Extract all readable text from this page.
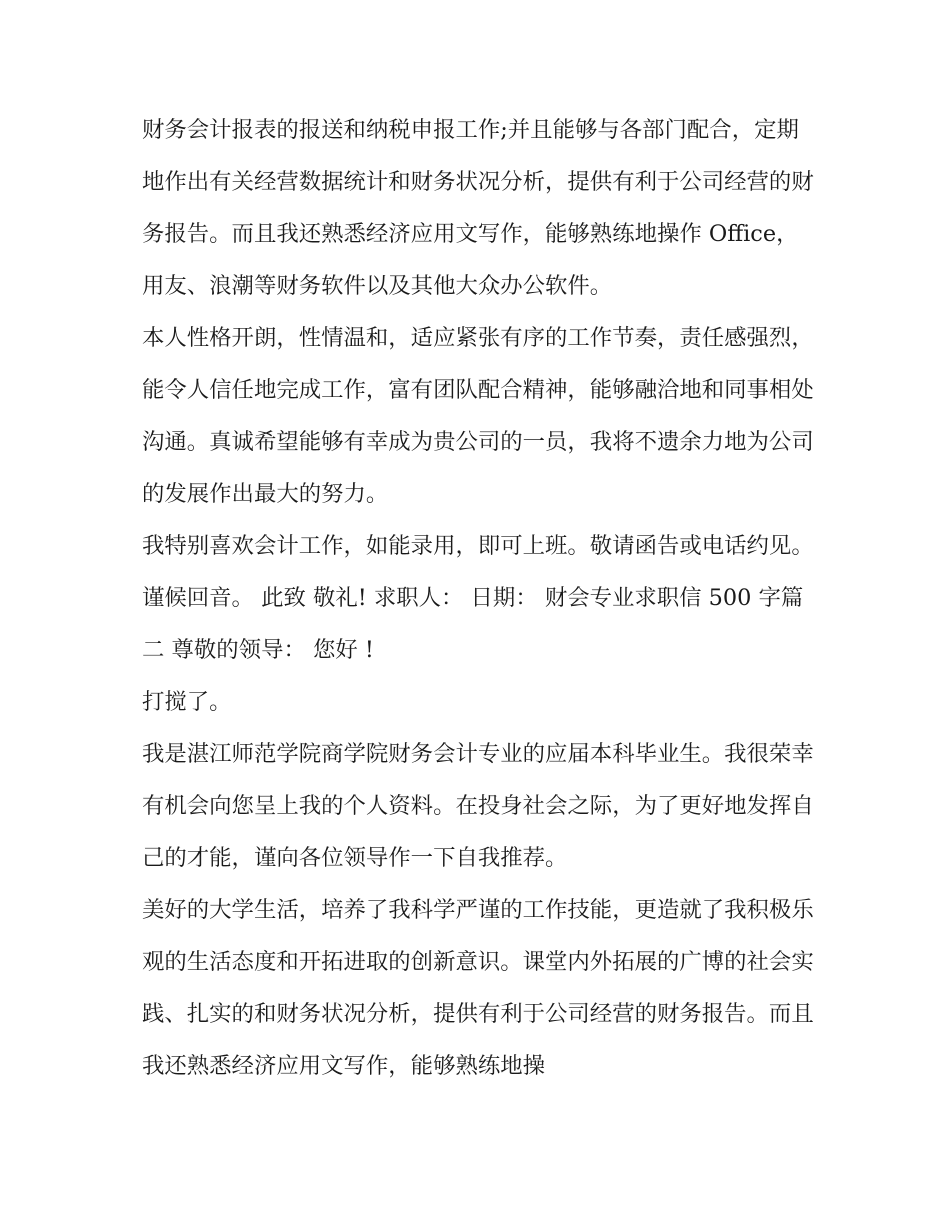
财务会计报表的报送和纳税申报工作;并且能够与各部门配合，定期地作出有关经营数据统计和财务状况分析，提供有利于公司经营的财务报告。而且我还熟悉经济应用文写作，能够熟练地操作 Office，用友、浪潮等财务软件以及其他大众办公软件。

本人性格开朗，性情温和，适应紧张有序的工作节奏，责任感强烈，能令人信任地完成工作，富有团队配合精神，能够融洽地和同事相处沟通。真诚希望能够有幸成为贵公司的一员，我将不遗余力地为公司的发展作出最大的努力。

我特别喜欢会计工作，如能录用，即可上班。敬请函告或电话约见。 谨候回音。 此致 敬礼! 求职人： 日期： 财会专业求职信 500 字篇二 尊敬的领导： 您好 !

打搅了。

我是湛江师范学院商学院财务会计专业的应届本科毕业生。我很荣幸有机会向您呈上我的个人资料。在投身社会之际，为了更好地发挥自己的才能，谨向各位领导作一下自我推荐。

美好的大学生活，培养了我科学严谨的工作技能，更造就了我积极乐观的生活态度和开拓进取的创新意识。课堂内外拓展的广博的社会实践、扎实的和财务状况分析，提供有利于公司经营的财务报告。而且我还熟悉经济应用文写作，能够熟练地操
